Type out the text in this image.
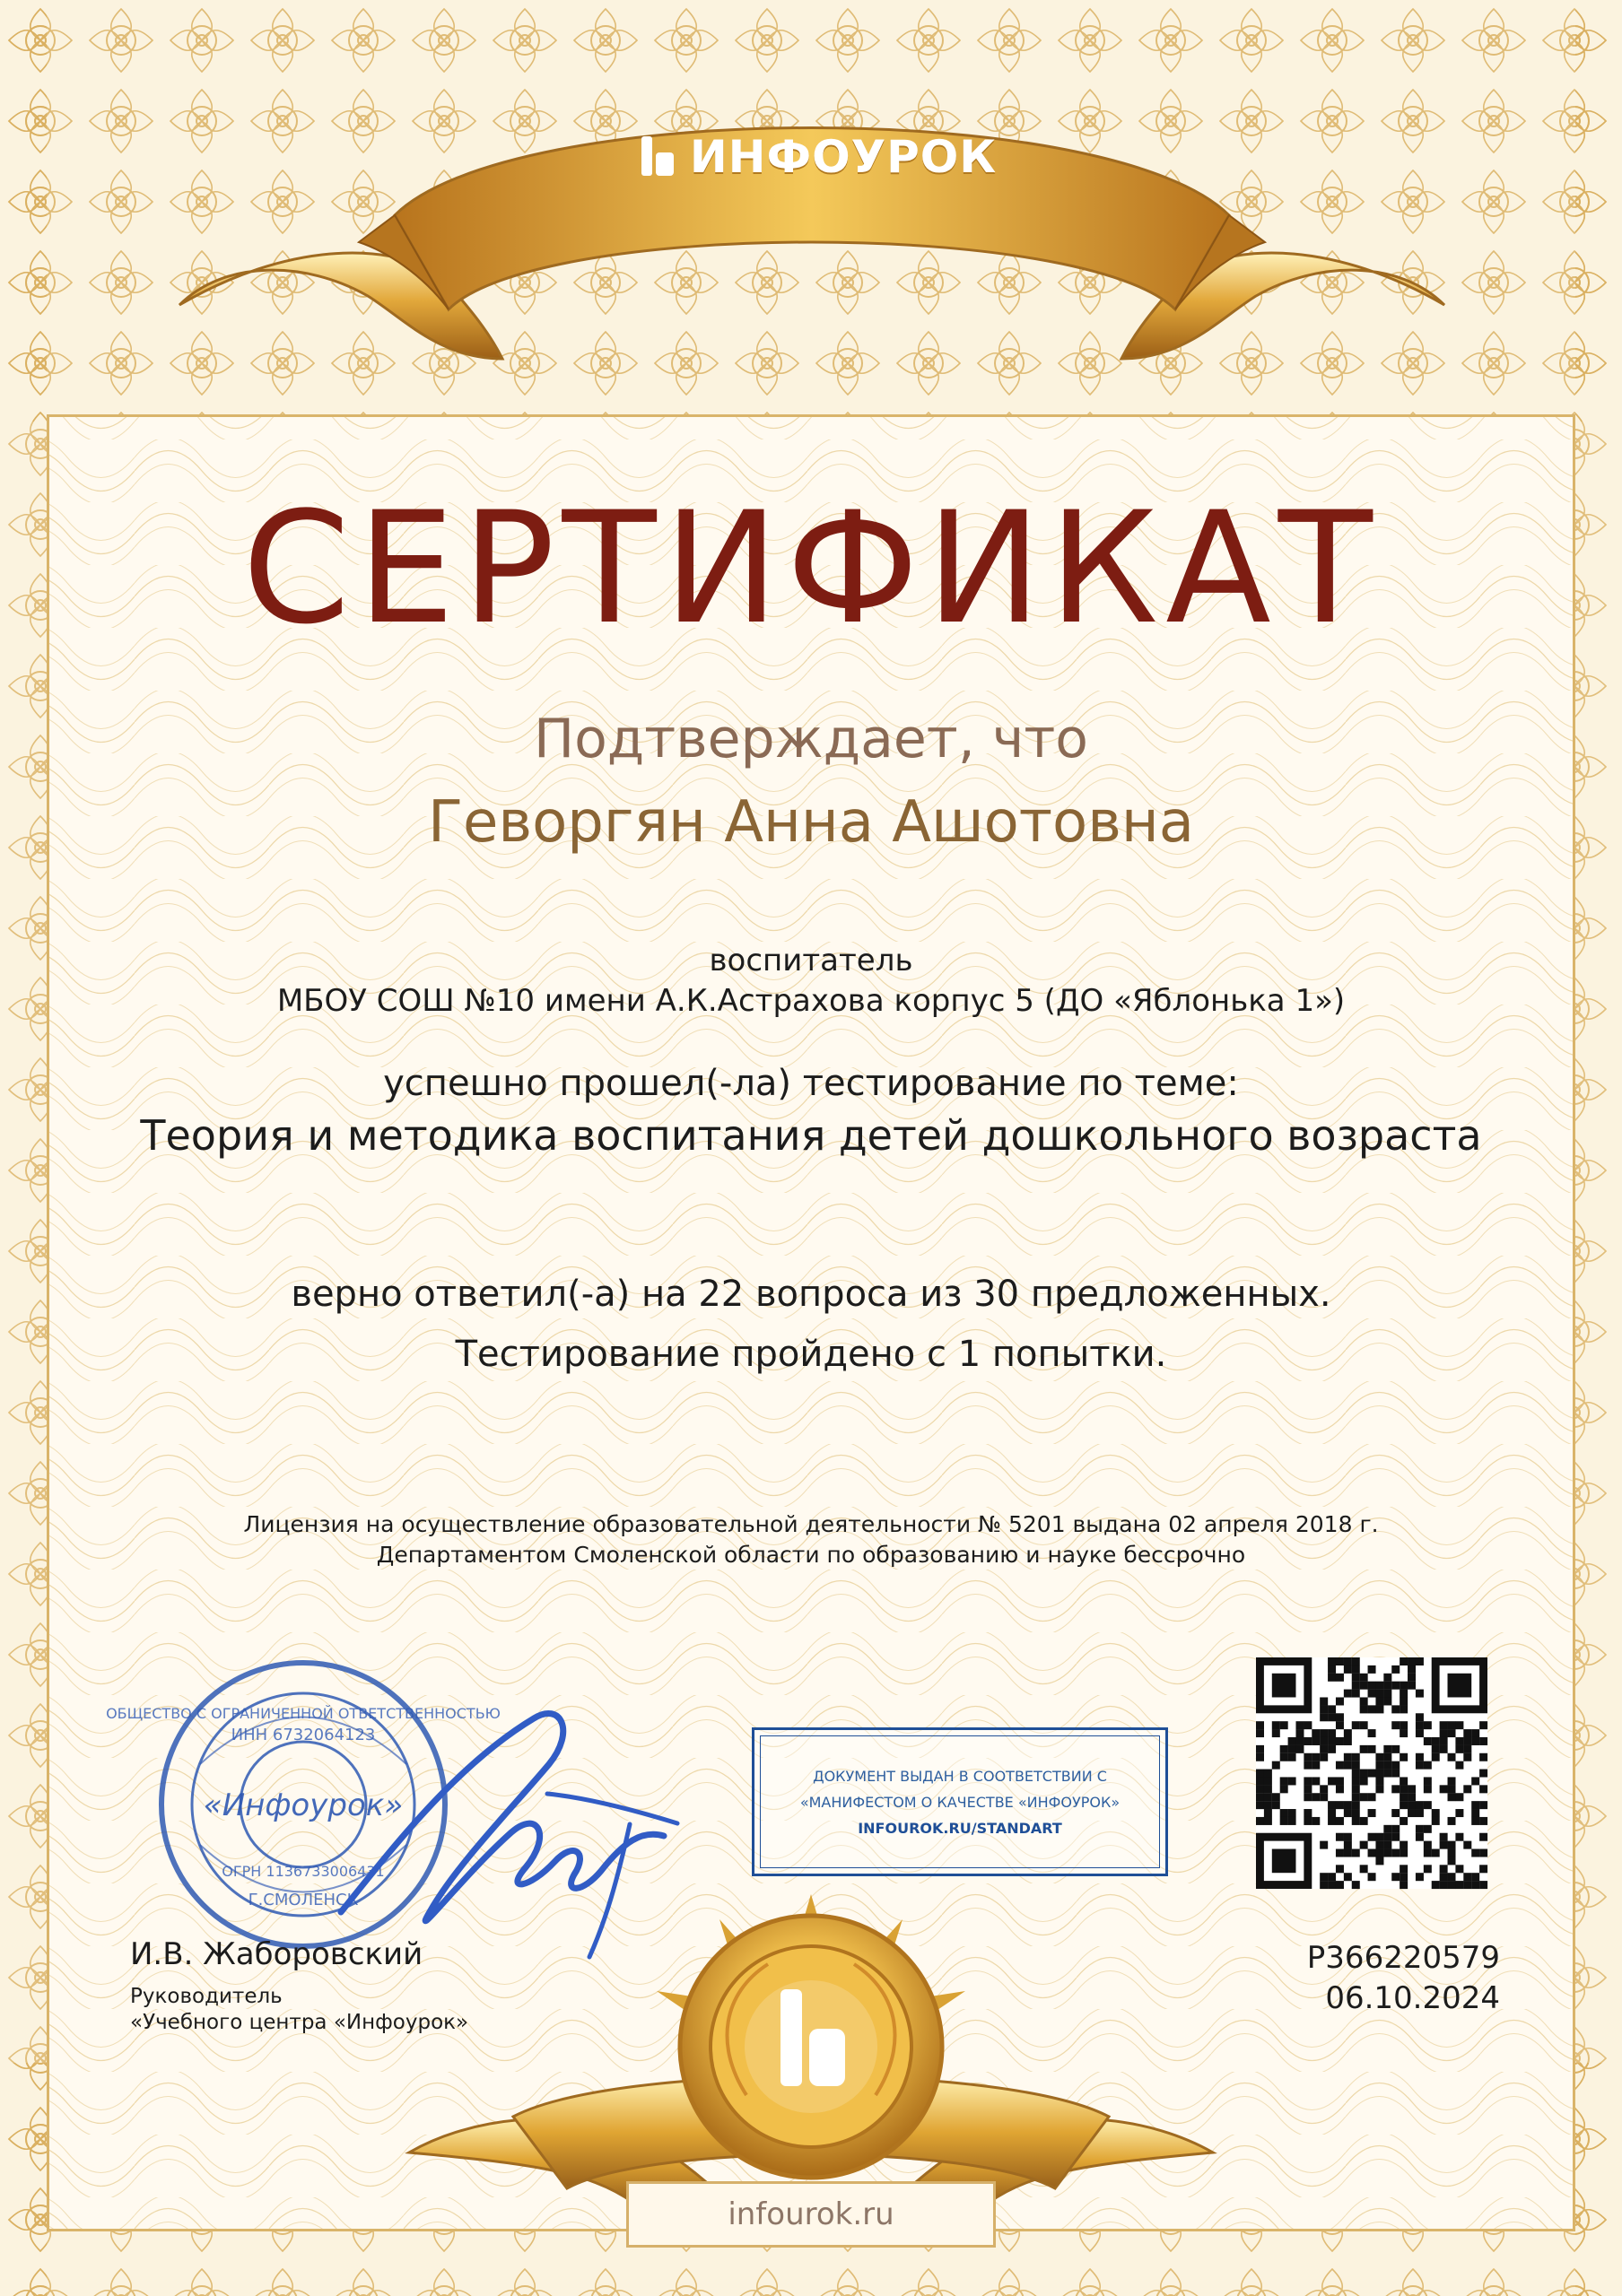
ИНФОУРОК
СЕРТИФИКАТ
Подтверждает, что
Геворгян Анна Ашотовна
воспитатель
МБОУ СОШ №10 имени А.К.Астрахова корпус 5 (ДО «Яблонька 1»)
успешно прошел(-ла) тестирование по теме:
Теория и методика воспитания детей дошкольного возраста
верно ответил(-а) на 22 вопроса из 30 предложенных.
Тестирование пройдено с 1 попытки.
Лицензия на осуществление образовательной деятельности № 5201 выдана 02 апреля 2018 г.
Департаментом Смоленской области по образованию и науке бессрочно
«Инфоурок»
ОБЩЕСТВО С ОГРАНИЧЕННОЙ ОТВЕТСТВЕННОСТЬЮ
ИНН 6732064123
ОГРН 1136733006431
Г.СМОЛЕНСК
ДОКУМЕНТ ВЫДАН В СООТВЕТСТВИИ С
«МАНИФЕСТОМ О КАЧЕСТВЕ «ИНФОУРОК»
INFOUROK.RU/STANDART
И.В. Жаборовский
Руководитель
«Учебного центра «Инфоурок»
Р366220579
06.10.2024
infourok.ru
